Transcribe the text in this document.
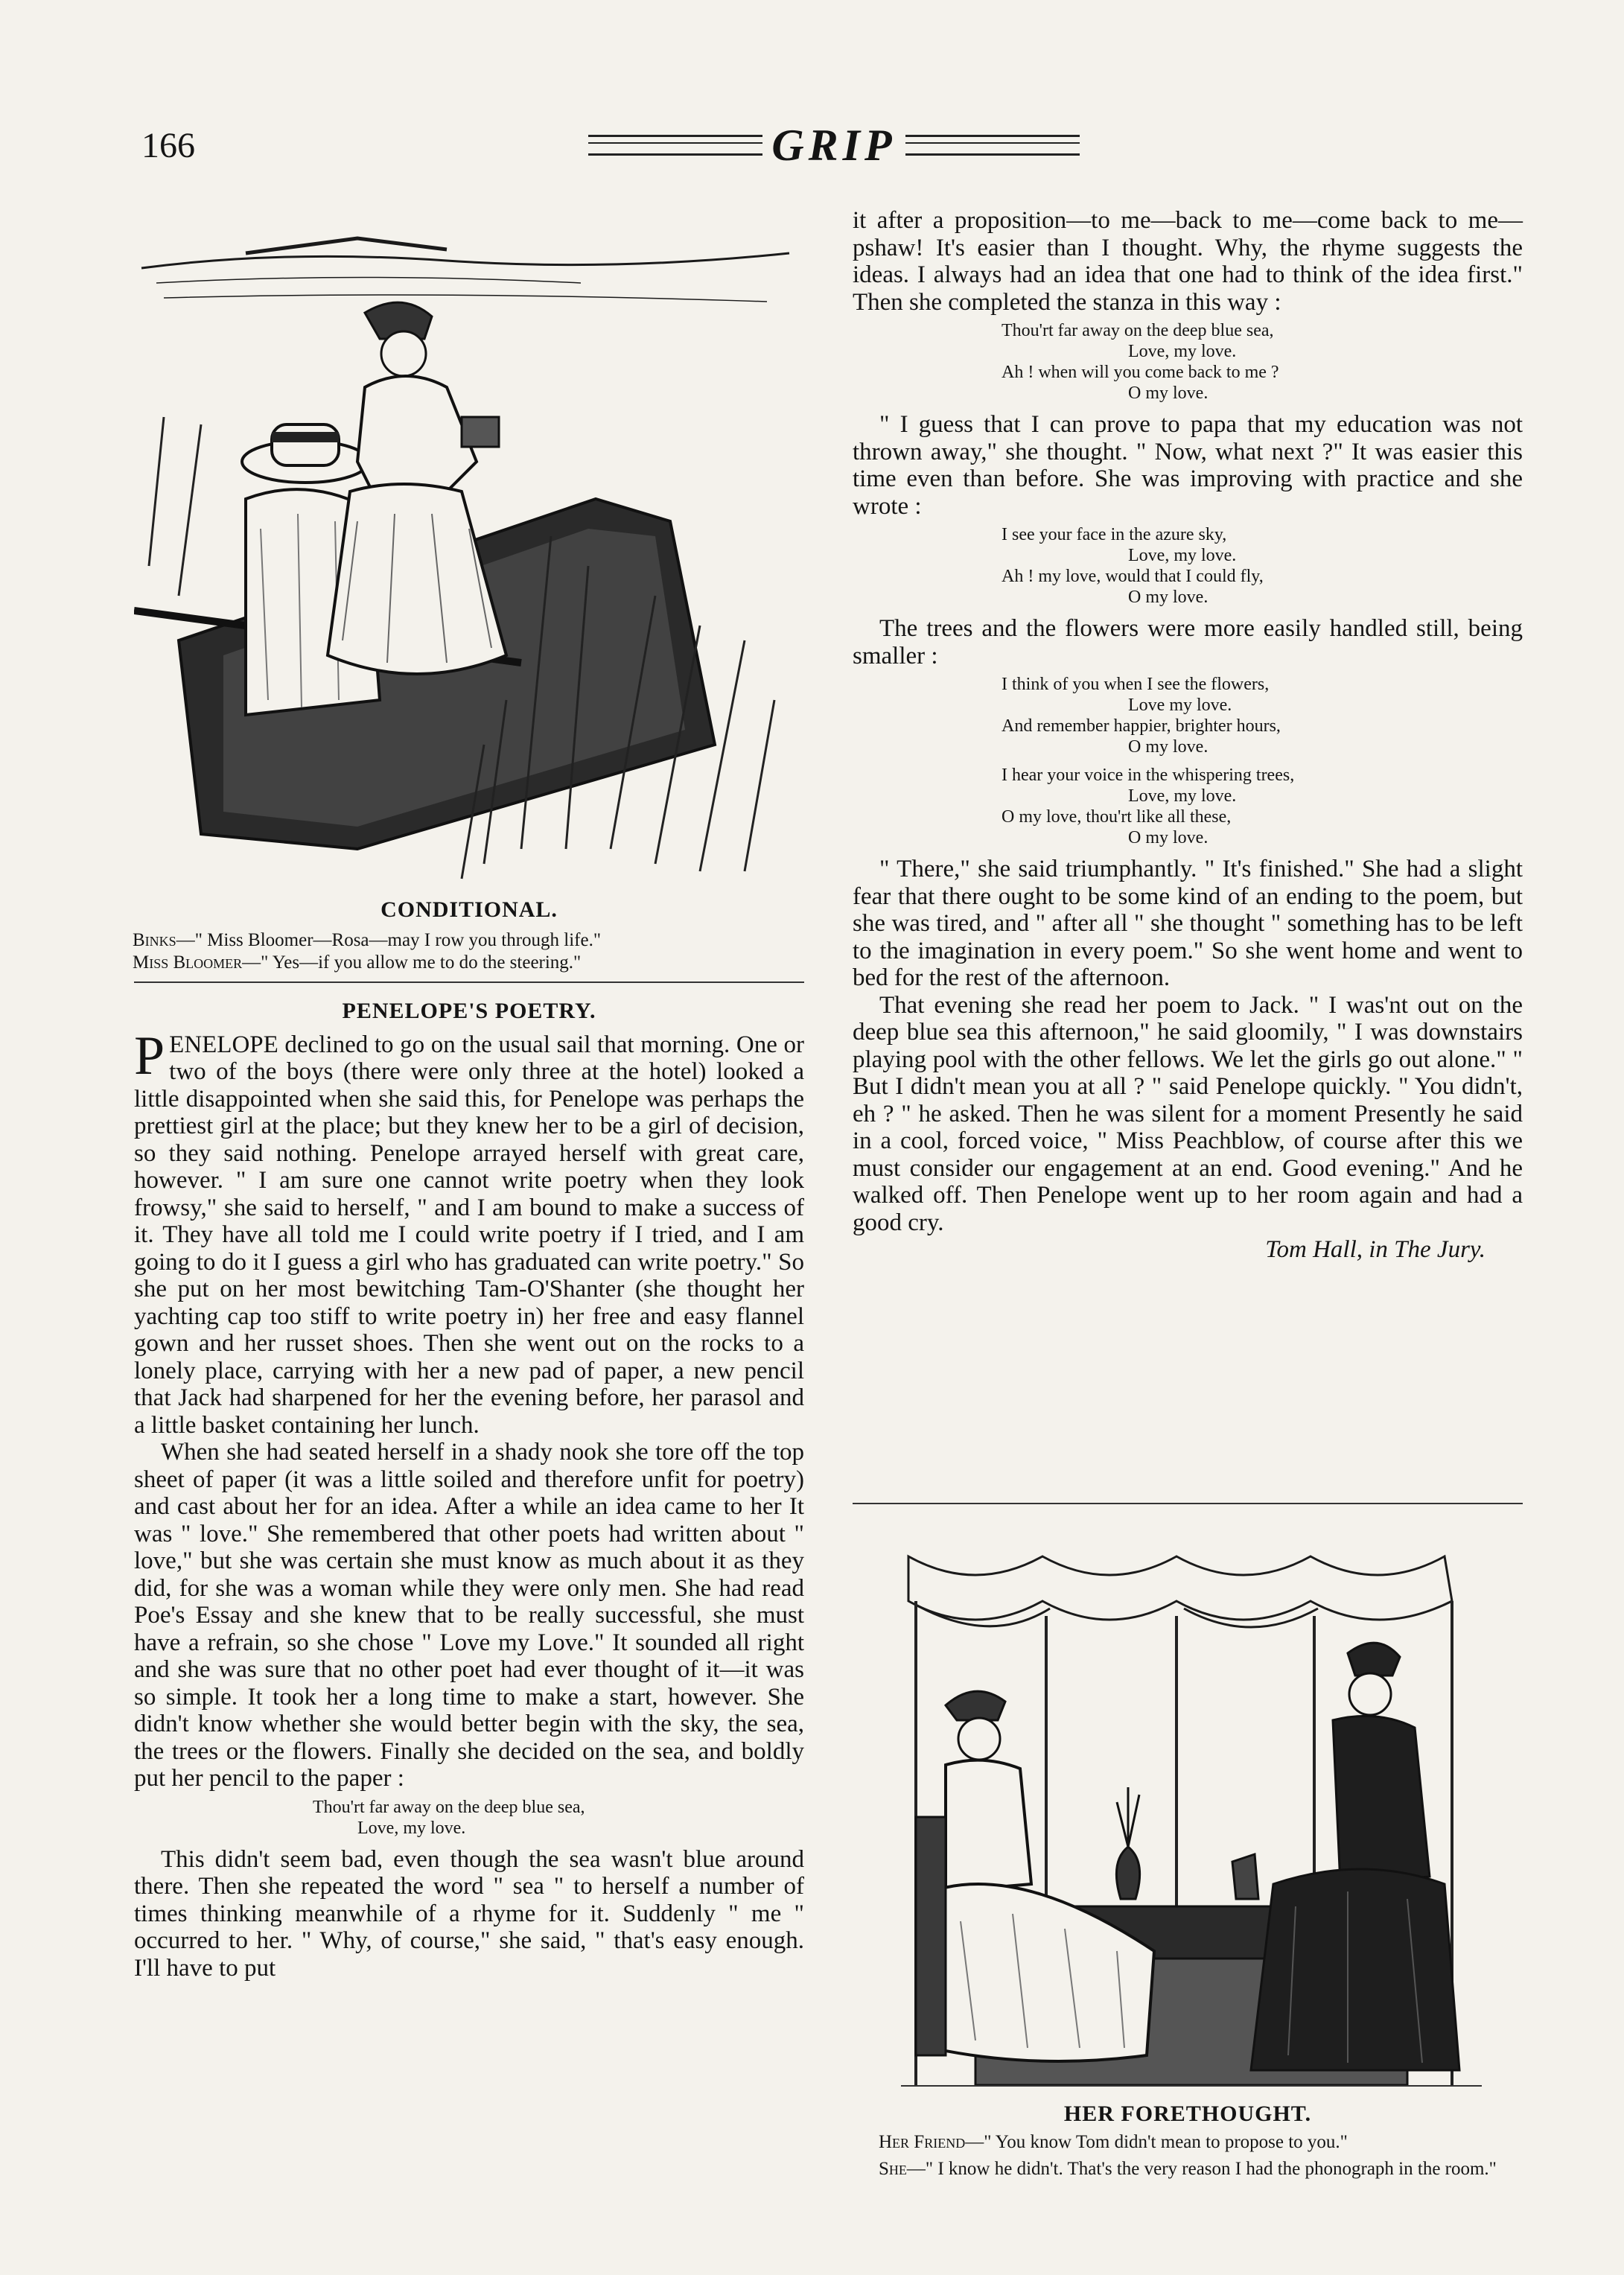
166	GRIP
CONDITIONAL.
Binks—" Miss Bloomer—Rosa—may I row you through life."
Miss Bloomer—" Yes—if you allow me to do the steering."
PENELOPE'S POETRY.

PENELOPE declined to go on the usual sail that morning. One or two of the boys (there were only three at the hotel) looked a little disappointed when she said this, for Penelope was perhaps the prettiest girl at the place; but they knew her to be a girl of decision, so they said nothing. Penelope arrayed herself with great care, however. " I am sure one cannot write poetry when they look frowsy," she said to herself, " and I am bound to make a success of it. They have all told me I could write poetry if I tried, and I am going to do it I guess a girl who has graduated can write poetry." So she put on her most bewitching Tam-O'Shanter (she thought her yachting cap too stiff to write poetry in) her free and easy flannel gown and her russet shoes. Then she went out on the rocks to a lonely place, carrying with her a new pad of paper, a new pencil that Jack had sharpened for her the evening before, her parasol and a little basket containing her lunch.

When she had seated herself in a shady nook she tore off the top sheet of paper (it was a little soiled and therefore unfit for poetry) and cast about her for an idea. After a while an idea came to her It was " love." She remembered that other poets had written about " love," but she was certain she must know as much about it as they did, for she was a woman while they were only men. She had read Poe's Essay and she knew that to be really successful, she must have a refrain, so she chose " Love my Love." It sounded all right and she was sure that no other poet had ever thought of it—it was so simple. It took her a long time to make a start, however. She didn't know whether she would better begin with the sky, the sea, the trees or the flowers. Finally she decided on the sea, and boldly put her pencil to the paper :

Thou'rt far away on the deep blue sea,
Love, my love.

This didn't seem bad, even though the sea wasn't blue around there. Then she repeated the word " sea " to herself a number of times thinking meanwhile of a rhyme for it. Suddenly " me " occurred to her. " Why, of course," she said, " that's easy enough. I'll have to put

it after a proposition—to me—back to me—come back to me—pshaw! It's easier than I thought. Why, the rhyme suggests the ideas. I always had an idea that one had to think of the idea first." Then she completed the stanza in this way :

Thou'rt far away on the deep blue sea,
Love, my love.
Ah ! when will you come back to me ?
O my love.

" I guess that I can prove to papa that my education was not thrown away," she thought. " Now, what next ?" It was easier this time even than before. She was improving with practice and she wrote :

I see your face in the azure sky,
Love, my love.
Ah ! my love, would that I could fly,
O my love.

The trees and the flowers were more easily handled still, being smaller :

I think of you when I see the flowers,
Love my love.
And remember happier, brighter hours,
O my love.
I hear your voice in the whispering trees,
Love, my love.
O my love, thou'rt like all these,
O my love.

" There," she said triumphantly. " It's finished." She had a slight fear that there ought to be some kind of an ending to the poem, but she was tired, and " after all " she thought " something has to be left to the imagination in every poem." So she went home and went to bed for the rest of the afternoon.

That evening she read her poem to Jack. " I was'nt out on the deep blue sea this afternoon," he said gloomily, " I was downstairs playing pool with the other fellows. We let the girls go out alone." " But I didn't mean you at all ? " said Penelope quickly. " You didn't, eh ? " he asked. Then he was silent for a moment Presently he said in a cool, forced voice, " Miss Peachblow, of course after this we must consider our engagement at an end. Good evening." And he walked off. Then Penelope went up to her room again and had a good cry.

Tom Hall, in The Jury.
HER FORETHOUGHT.
Her Friend—" You know Tom didn't mean to propose to you."
She—" I know he didn't. That's the very reason I had the phonograph in the room."
